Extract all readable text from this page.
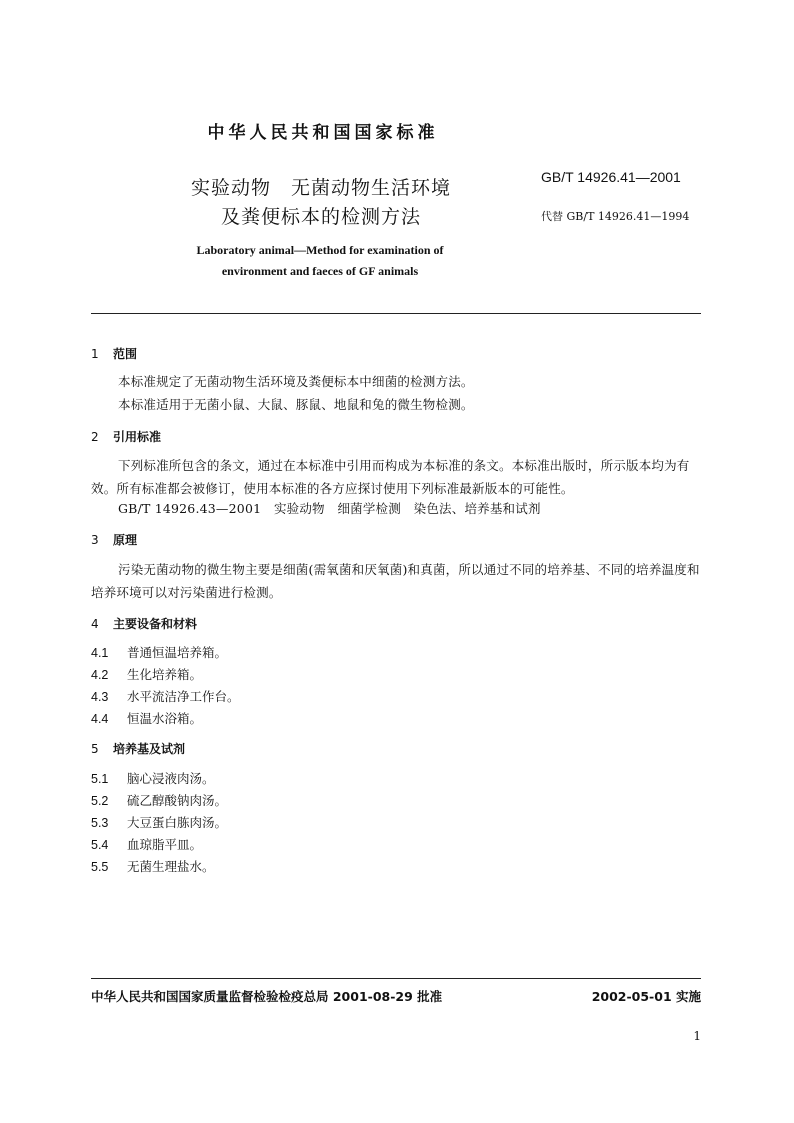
中华人民共和国国家标准
实验动物　无菌动物生活环境
及粪便标本的检测方法
GB/T 14926.41—2001
代替 GB/T 14926.41—1994
Laboratory animal—Method for examination of
environment and faeces of GF animals
1 范围
本标准规定了无菌动物生活环境及粪便标本中细菌的检测方法。
本标准适用于无菌小鼠、大鼠、豚鼠、地鼠和兔的微生物检测。
2 引用标准
下列标准所包含的条文，通过在本标准中引用而构成为本标准的条文。本标准出版时，所示版本均为有效。所有标准都会被修订，使用本标准的各方应探讨使用下列标准最新版本的可能性。
GB/T 14926.43—2001　实验动物　细菌学检测　染色法、培养基和试剂
3 原理
污染无菌动物的微生物主要是细菌(需氧菌和厌氧菌)和真菌，所以通过不同的培养基、不同的培养温度和培养环境可以对污染菌进行检测。
4 主要设备和材料
4.1 普通恒温培养箱。
4.2 生化培养箱。
4.3 水平流洁净工作台。
4.4 恒温水浴箱。
5 培养基及试剂
5.1 脑心浸液肉汤。
5.2 硫乙醇酸钠肉汤。
5.3 大豆蛋白胨肉汤。
5.4 血琼脂平皿。
5.5 无菌生理盐水。
中华人民共和国国家质量监督检验检疫总局 2001-08-29 批准	2002-05-01 实施
1
